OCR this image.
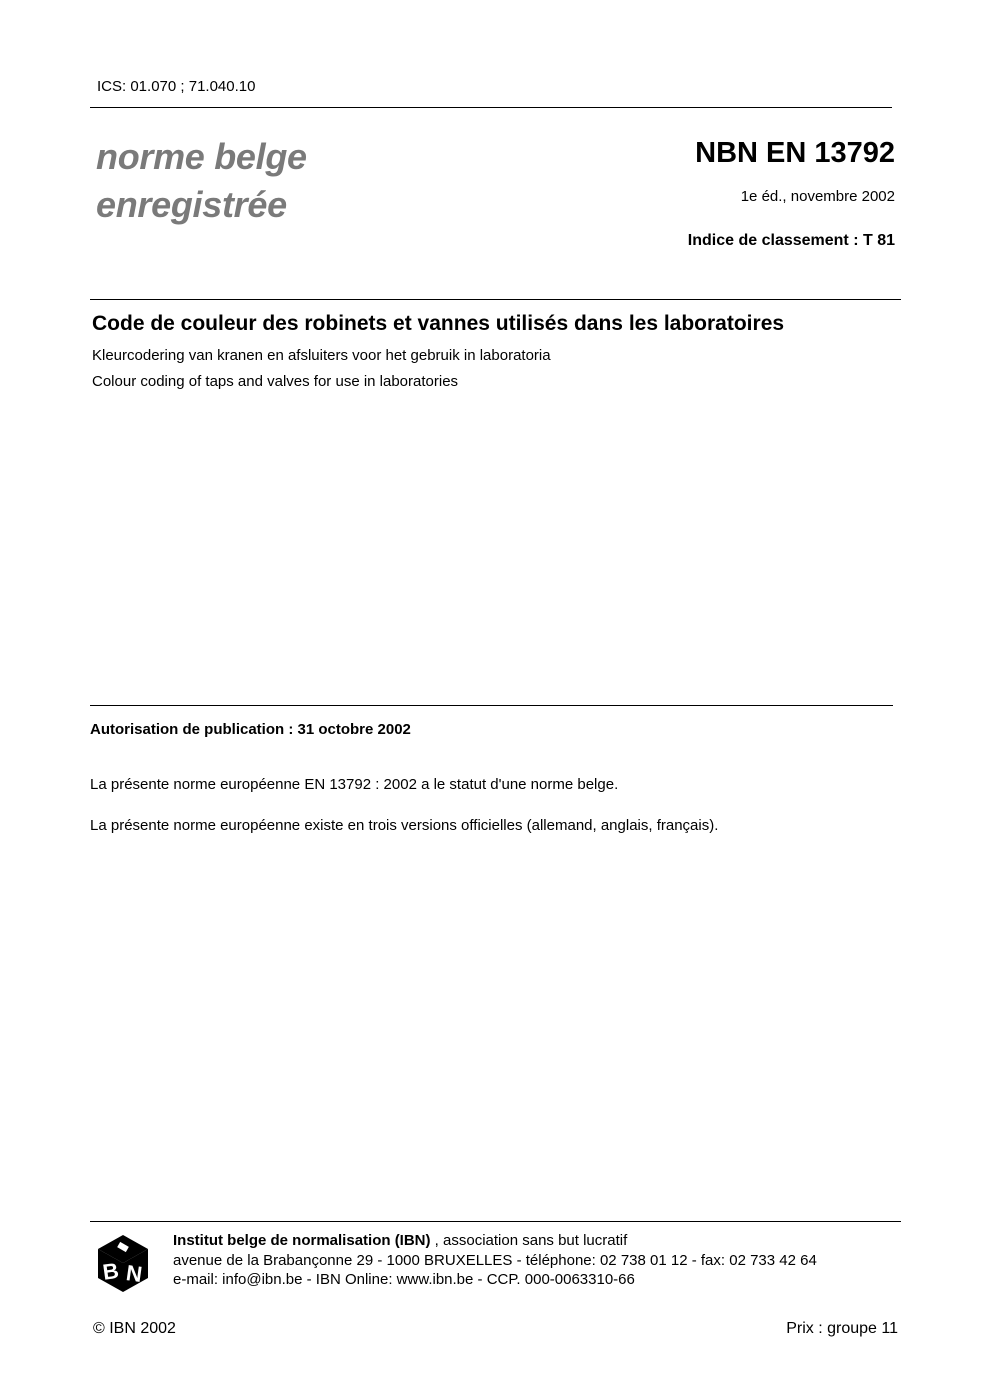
ICS: 01.070 ; 71.040.10
norme belge
enregistrée
NBN EN 13792
1e éd., novembre 2002
Indice de classement : T 81
Code de couleur des robinets et vannes utilisés dans les laboratoires
Kleurcodering van kranen en afsluiters voor het gebruik in laboratoria
Colour coding of taps and valves for use in laboratories
Autorisation de publication : 31 octobre 2002
La présente norme européenne EN 13792 : 2002 a le statut d'une norme belge.
La présente norme européenne existe en trois versions officielles (allemand, anglais, français).
B N
Institut belge de normalisation (IBN) , association sans but lucratif
avenue de la Brabançonne 29 - 1000 BRUXELLES - téléphone: 02 738 01 12 - fax: 02 733 42 64
e-mail: info@ibn.be - IBN Online: www.ibn.be - CCP. 000-0063310-66
© IBN 2002	Prix : groupe 11
